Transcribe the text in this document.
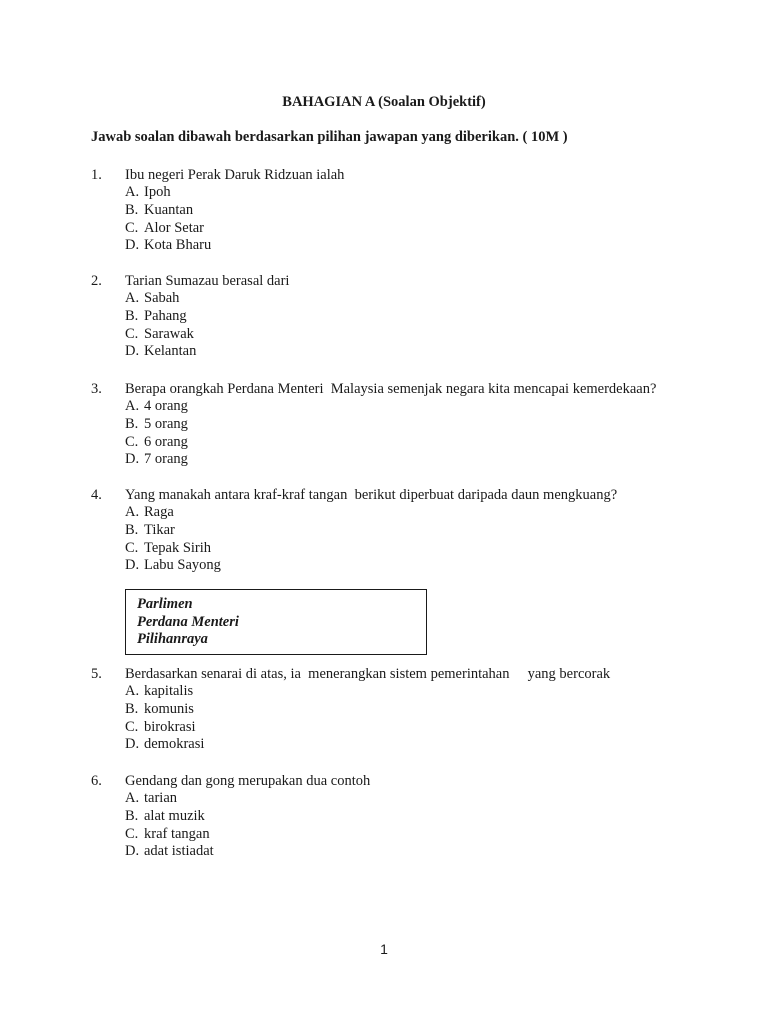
BAHAGIAN A (Soalan Objektif)
Jawab soalan dibawah berdasarkan pilihan jawapan yang diberikan. ( 10M )
1.	Ibu negeri Perak Daruk Ridzuan ialah
A. Ipoh
B. Kuantan
C. Alor Setar
D. Kota Bharu
2.	Tarian Sumazau berasal dari
A. Sabah
B. Pahang
C. Sarawak
D. Kelantan
3.	Berapa orangkah Perdana Menteri  Malaysia semenjak negara kita mencapai kemerdekaan?
A. 4 orang
B. 5 orang
C. 6 orang
D. 7 orang
4.	Yang manakah antara kraf-kraf tangan  berikut diperbuat daripada daun mengkuang?
A. Raga
B. Tikar
C. Tepak Sirih
D. Labu Sayong
Parlimen
Perdana Menteri
Pilihanraya
5.	Berdasarkan senarai di atas, ia  menerangkan sistem pemerintahan     yang bercorak
A. kapitalis
B. komunis
C. birokrasi
D. demokrasi
6.	Gendang dan gong merupakan dua contoh
A. tarian
B. alat muzik
C. kraf tangan
D. adat istiadat
1
